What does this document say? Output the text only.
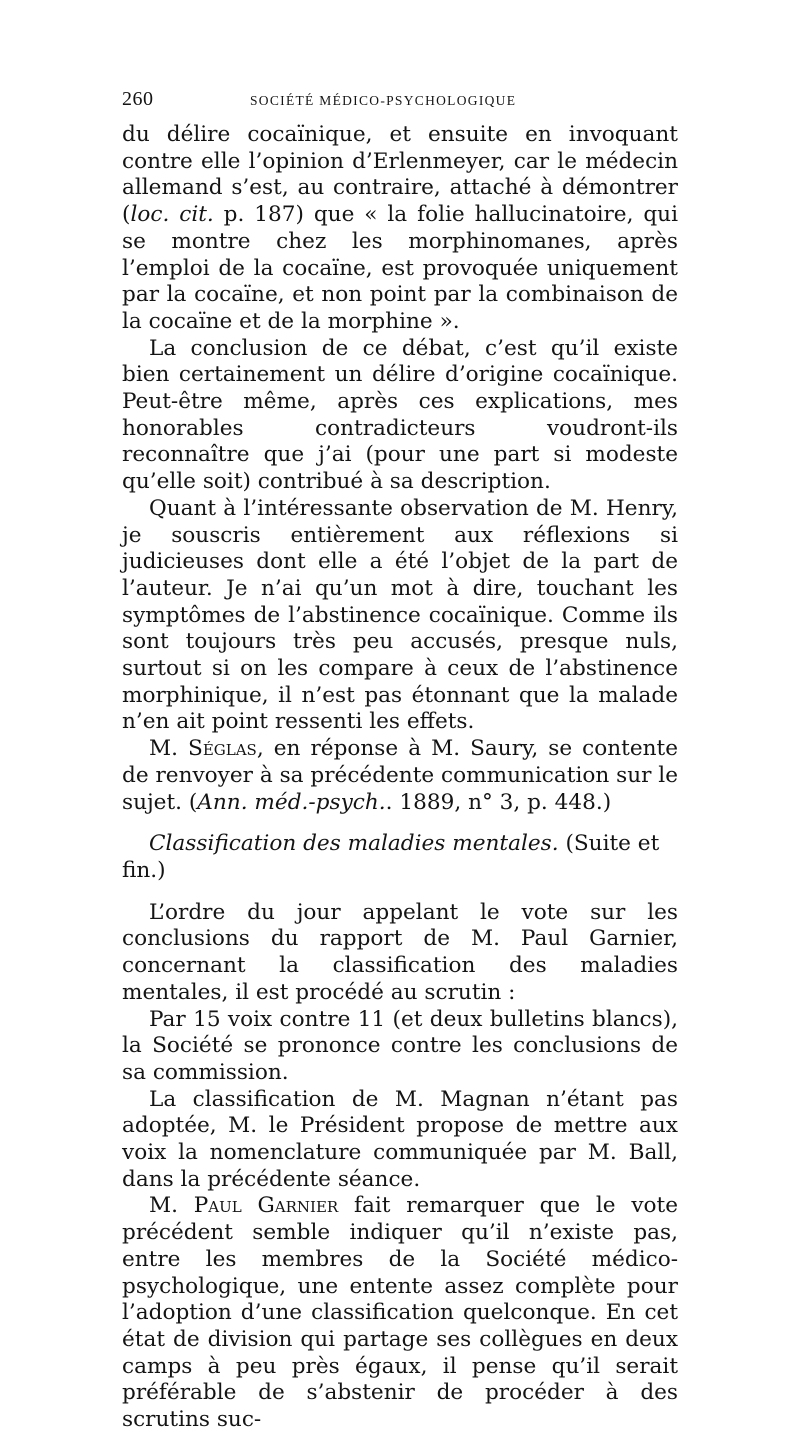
260	SOCIÉTÉ MÉDICO-PSYCHOLOGIQUE

du délire cocaïnique, et ensuite en invoquant contre elle l’opinion d’Erlenmeyer, car le médecin allemand s’est, au contraire, attaché à démontrer (loc. cit. p. 187) que « la folie hallucinatoire, qui se montre chez les morphinomanes, après l’emploi de la cocaïne, est provoquée uniquement par la cocaïne, et non point par la combinaison de la cocaïne et de la morphine ».

La conclusion de ce débat, c’est qu’il existe bien certainement un délire d’origine cocaïnique. Peut-être même, après ces explications, mes honorables contradicteurs voudront-ils reconnaître que j’ai (pour une part si modeste qu’elle soit) contribué à sa description.

Quant à l’intéressante observation de M. Henry, je souscris entièrement aux réflexions si judicieuses dont elle a été l’objet de la part de l’auteur. Je n’ai qu’un mot à dire, touchant les symptômes de l’abstinence cocaïnique. Comme ils sont toujours très peu accusés, presque nuls, surtout si on les compare à ceux de l’abstinence morphinique, il n’est pas étonnant que la malade n’en ait point ressenti les effets.

M. Séglas, en réponse à M. Saury, se contente de renvoyer à sa précédente communication sur le sujet. (Ann. méd.-psych.. 1889, n° 3, p. 448.)

Classification des maladies mentales. (Suite et fin.)

L’ordre du jour appelant le vote sur les conclusions du rapport de M. Paul Garnier, concernant la classification des maladies mentales, il est procédé au scrutin :

Par 15 voix contre 11 (et deux bulletins blancs), la Société se prononce contre les conclusions de sa commission.

La classification de M. Magnan n’étant pas adoptée, M. le Président propose de mettre aux voix la nomenclature communiquée par M. Ball, dans la précédente séance.

M. Paul Garnier fait remarquer que le vote précédent semble indiquer qu’il n’existe pas, entre les membres de la Société médico-psychologique, une entente assez complète pour l’adoption d’une classification quelconque. En cet état de division qui partage ses collègues en deux camps à peu près égaux, il pense qu’il serait préférable de s’abstenir de procéder à des scrutins suc-
